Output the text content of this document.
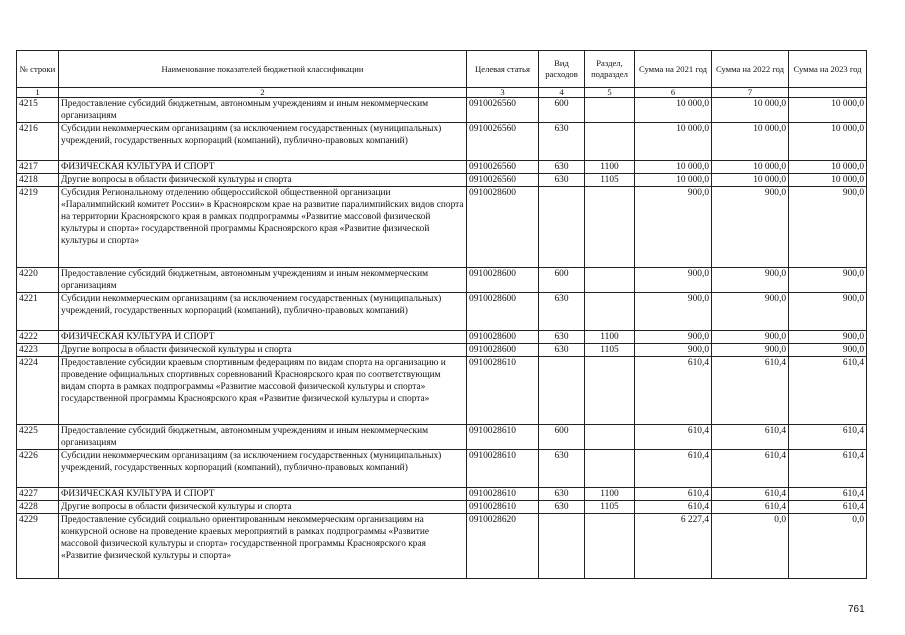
№ строки	Наименование показателей бюджетной классификации	Целевая статья	Вид расходов	Раздел, подраздел	Сумма на 2021 год	Сумма на 2022 год	Сумма на 2023 год
1	2	3	4	5	6	7	
4215	Предоставление субсидий бюджетным, автономным учреждениям и иным некоммерческим организациям	0910026560	600		10 000,0	10 000,0	10 000,0
4216	Субсидии некоммерческим организациям (за исключением государственных (муниципальных) учреждений, государственных корпораций (компаний), публично-правовых компаний)	0910026560	630		10 000,0	10 000,0	10 000,0
4217	ФИЗИЧЕСКАЯ КУЛЬТУРА И СПОРТ	0910026560	630	1100	10 000,0	10 000,0	10 000,0
4218	Другие вопросы в области физической культуры и спорта	0910026560	630	1105	10 000,0	10 000,0	10 000,0
4219	Субсидия Региональному отделению общероссийской общественной организации «Паралимпийский комитет России» в Красноярском крае на развитие паралимпийских видов спорта на территории Красноярского края в рамках подпрограммы «Развитие массовой физической культуры и спорта» государственной программы Красноярского края «Развитие физической культуры и спорта»	0910028600			900,0	900,0	900,0
4220	Предоставление субсидий бюджетным, автономным учреждениям и иным некоммерческим организациям	0910028600	600		900,0	900,0	900,0
4221	Субсидии некоммерческим организациям (за исключением государственных (муниципальных) учреждений, государственных корпораций (компаний), публично-правовых компаний)	0910028600	630		900,0	900,0	900,0
4222	ФИЗИЧЕСКАЯ КУЛЬТУРА И СПОРТ	0910028600	630	1100	900,0	900,0	900,0
4223	Другие вопросы в области физической культуры и спорта	0910028600	630	1105	900,0	900,0	900,0
4224	Предоставление субсидии краевым спортивным федерациям по видам спорта на организацию и проведение официальных спортивных соревнований Красноярского края по соответствующим видам спорта в рамках подпрограммы «Развитие массовой физической культуры и спорта» государственной программы Красноярского края «Развитие физической культуры и спорта»	0910028610			610,4	610,4	610,4
4225	Предоставление субсидий бюджетным, автономным учреждениям и иным некоммерческим организациям	0910028610	600		610,4	610,4	610,4
4226	Субсидии некоммерческим организациям (за исключением государственных (муниципальных) учреждений, государственных корпораций (компаний), публично-правовых компаний)	0910028610	630		610,4	610,4	610,4
4227	ФИЗИЧЕСКАЯ КУЛЬТУРА И СПОРТ	0910028610	630	1100	610,4	610,4	610,4
4228	Другие вопросы в области физической культуры и спорта	0910028610	630	1105	610,4	610,4	610,4
4229	Предоставление субсидий социально ориентированным некоммерческим организациям на конкурсной основе на проведение краевых мероприятий в рамках подпрограммы «Развитие массовой физической культуры и спорта» государственной программы Красноярского края «Развитие физической культуры и спорта»	0910028620			6 227,4	0,0	0,0
761
